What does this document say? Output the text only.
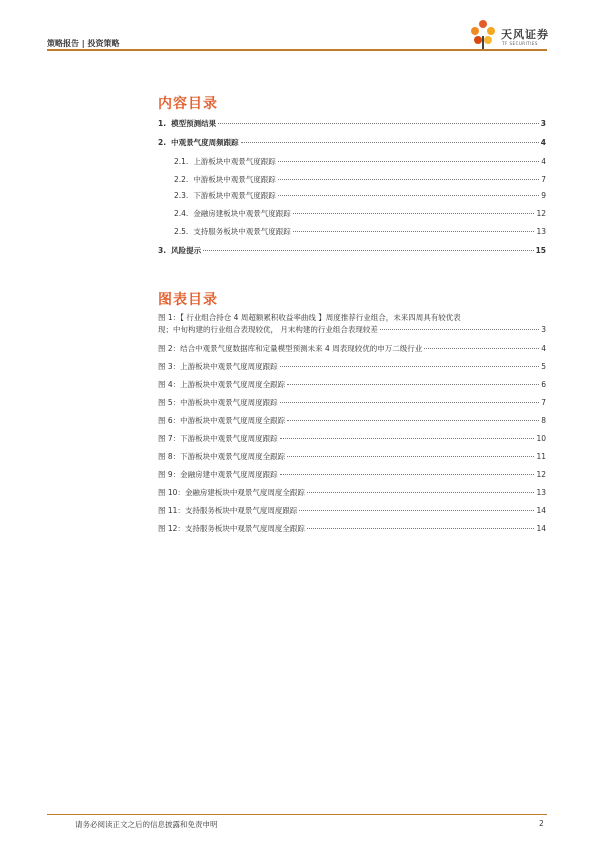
策略报告 | 投资策略
天风证券
TF SECURITIES
内容目录
1. 模型预测结果	3
2. 中观景气度周频跟踪	4
2.1. 上游板块中观景气度跟踪	4
2.2. 中游板块中观景气度跟踪	7
2.3. 下游板块中观景气度跟踪	9
2.4. 金融房建板块中观景气度跟踪	12
2.5. 支持服务板块中观景气度跟踪	13
3. 风险提示	15
图表目录
图 1：【 行业组合持仓 4 周超额累积收益率曲线 】周度推荐行业组合，未来四周具有较优表
现；中旬构建的行业组合表现较优， 月末构建的行业组合表现较差	3
图 2： 结合中观景气度数据库和定量模型预测未来 4 周表现较优的申万二级行业	4
图 3： 上游板块中观景气度周度跟踪	5
图 4： 上游板块中观景气度周度全跟踪	6
图 5： 中游板块中观景气度周度跟踪	7
图 6： 中游板块中观景气度周度全跟踪	8
图 7： 下游板块中观景气度周度跟踪	10
图 8： 下游板块中观景气度周度全跟踪	11
图 9： 金融房建中观景气度周度跟踪	12
图 10： 金融房建板块中观景气度周度全跟踪	13
图 11： 支持服务板块中观景气度周度跟踪	14
图 12： 支持服务板块中观景气度周度全跟踪	14
请务必阅读正文之后的信息披露和免责申明	2
